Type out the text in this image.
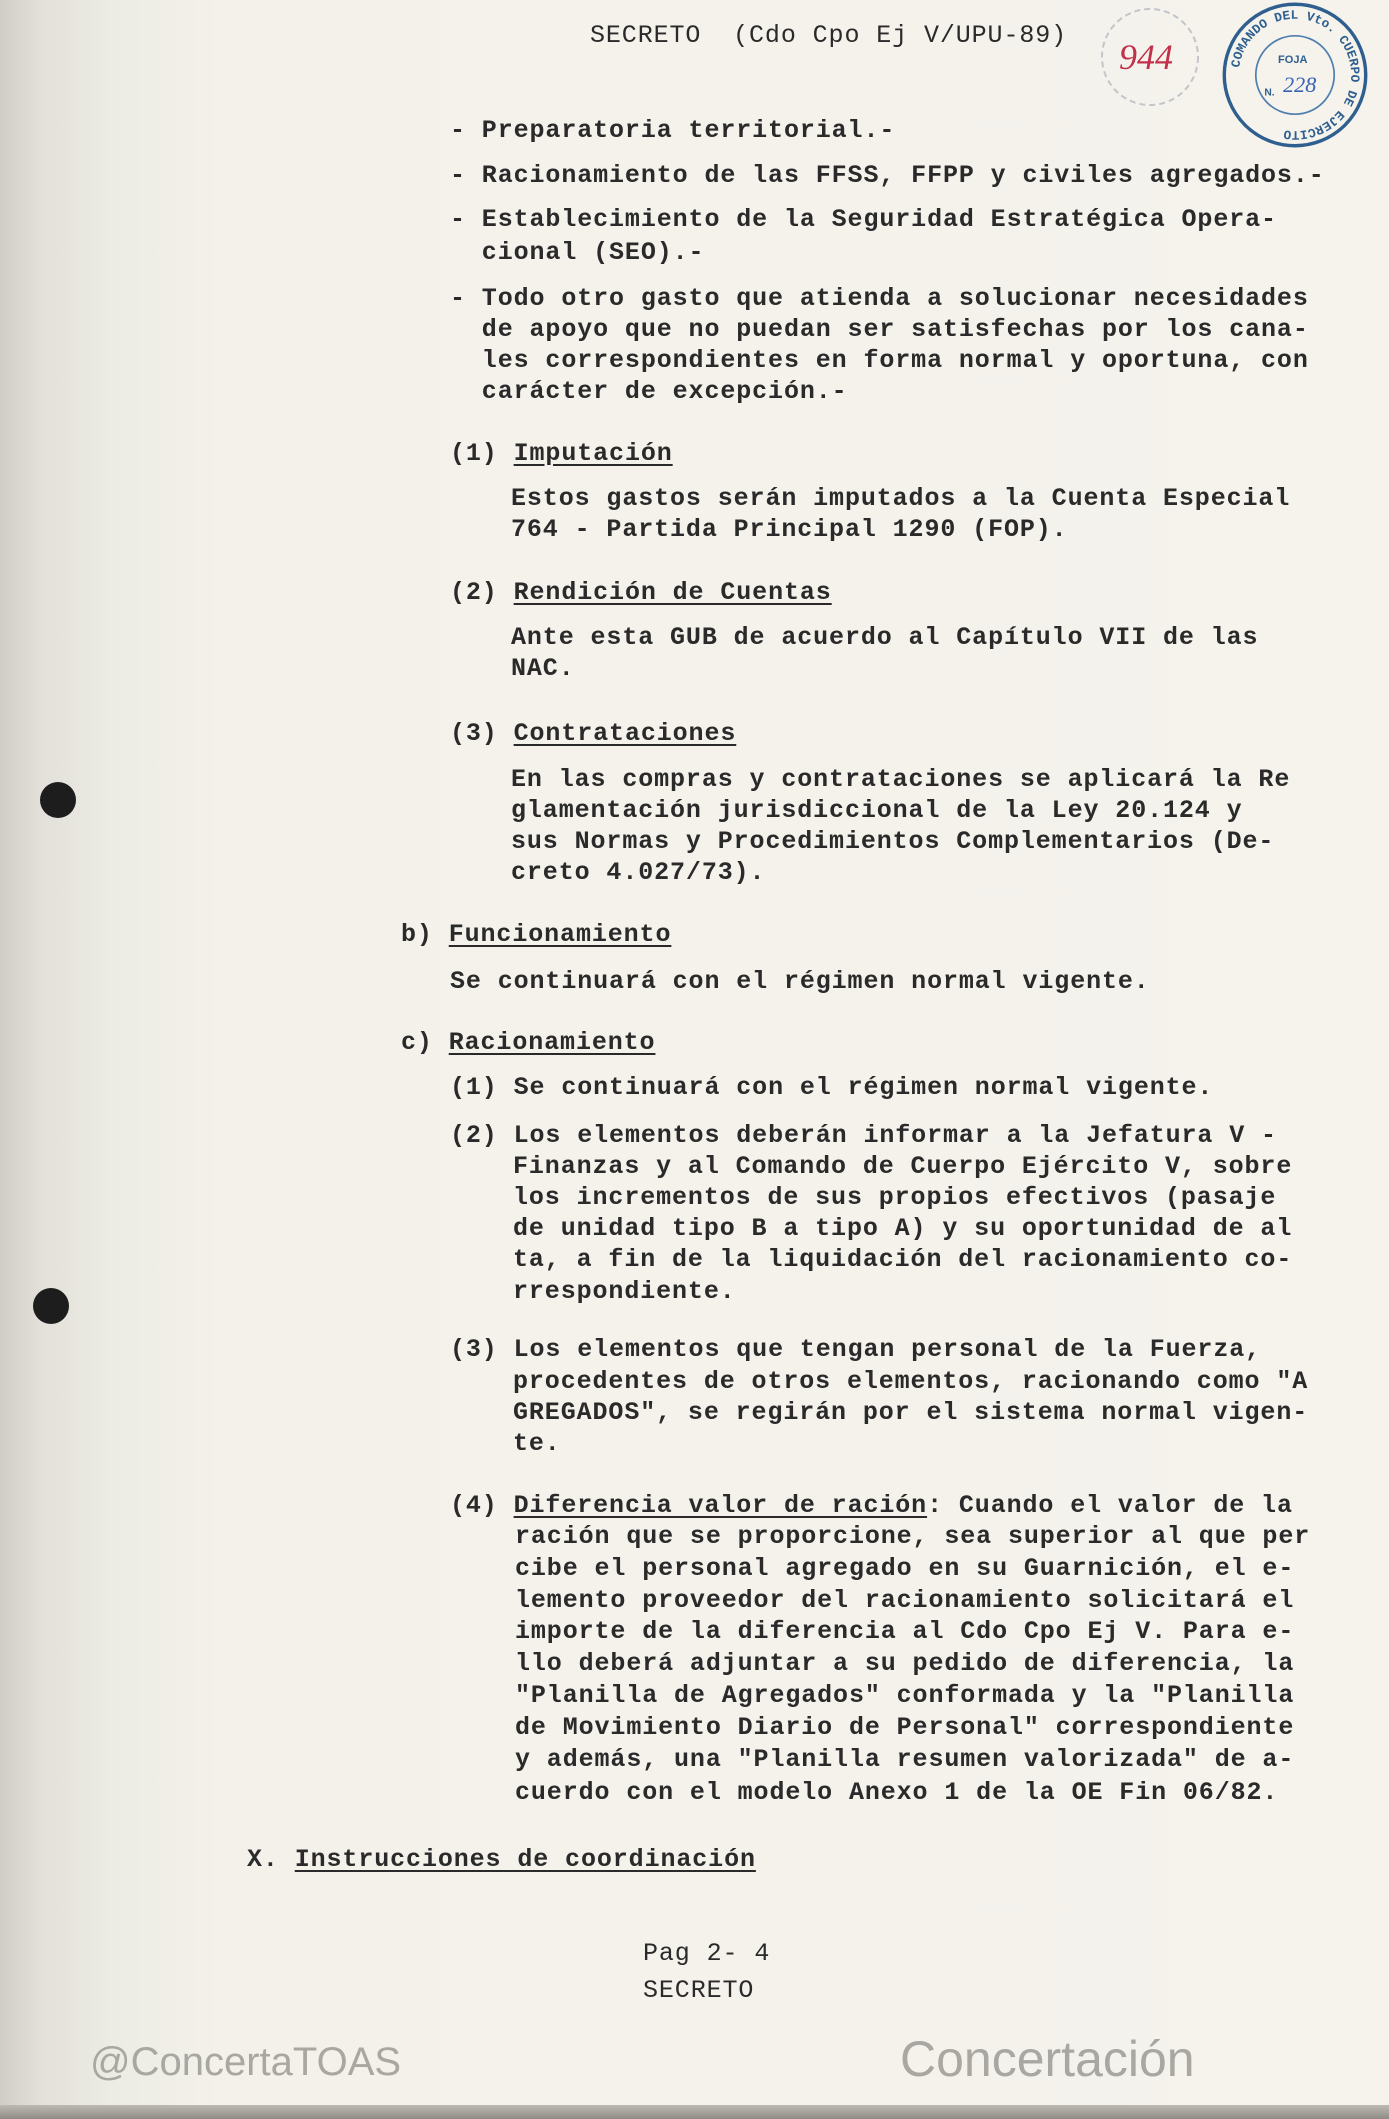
@ConcertaTOAS	Concertación
SECRETO  (Cdo Cpo Ej V/UPU-89)
944	COMANDO DEL Vto. CUERPO DE EJERCITO
FOJA
N. 228
- Preparatoria territorial.-
- Racionamiento de las FFSS, FFPP y civiles agregados.-
- Establecimiento de la Seguridad Estratégica Opera-
cional (SEO).-
- Todo otro gasto que atienda a solucionar necesidades
de apoyo que no puedan ser satisfechas por los cana-
les correspondientes en forma normal y oportuna, con
carácter de excepción.-
(1) Imputación
Estos gastos serán imputados a la Cuenta Especial
764 - Partida Principal 1290 (FOP).
(2) Rendición de Cuentas
Ante esta GUB de acuerdo al Capítulo VII de las
NAC.
(3) Contrataciones
En las compras y contrataciones se aplicará la Re
glamentación jurisdiccional de la Ley 20.124 y
sus Normas y Procedimientos Complementarios (De-
creto 4.027/73).
b) Funcionamiento
Se continuará con el régimen normal vigente.
c) Racionamiento
(1) Se continuará con el régimen normal vigente.
(2) Los elementos deberán informar a la Jefatura V -
Finanzas y al Comando de Cuerpo Ejército V, sobre
los incrementos de sus propios efectivos (pasaje
de unidad tipo B a tipo A) y su oportunidad de al
ta, a fin de la liquidación del racionamiento co-
rrespondiente.
(3) Los elementos que tengan personal de la Fuerza,
procedentes de otros elementos, racionando como "A
GREGADOS", se regirán por el sistema normal vigen-
te.
(4) Diferencia valor de ración: Cuando el valor de la
ración que se proporcione, sea superior al que per
cibe el personal agregado en su Guarnición, el e-
lemento proveedor del racionamiento solicitará el
importe de la diferencia al Cdo Cpo Ej V. Para e-
llo deberá adjuntar a su pedido de diferencia, la
"Planilla de Agregados" conformada y la "Planilla
de Movimiento Diario de Personal" correspondiente
y además, una "Planilla resumen valorizada" de a-
cuerdo con el modelo Anexo 1 de la OE Fin 06/82.
X. Instrucciones de coordinación
Pag 2- 4
SECRETO
